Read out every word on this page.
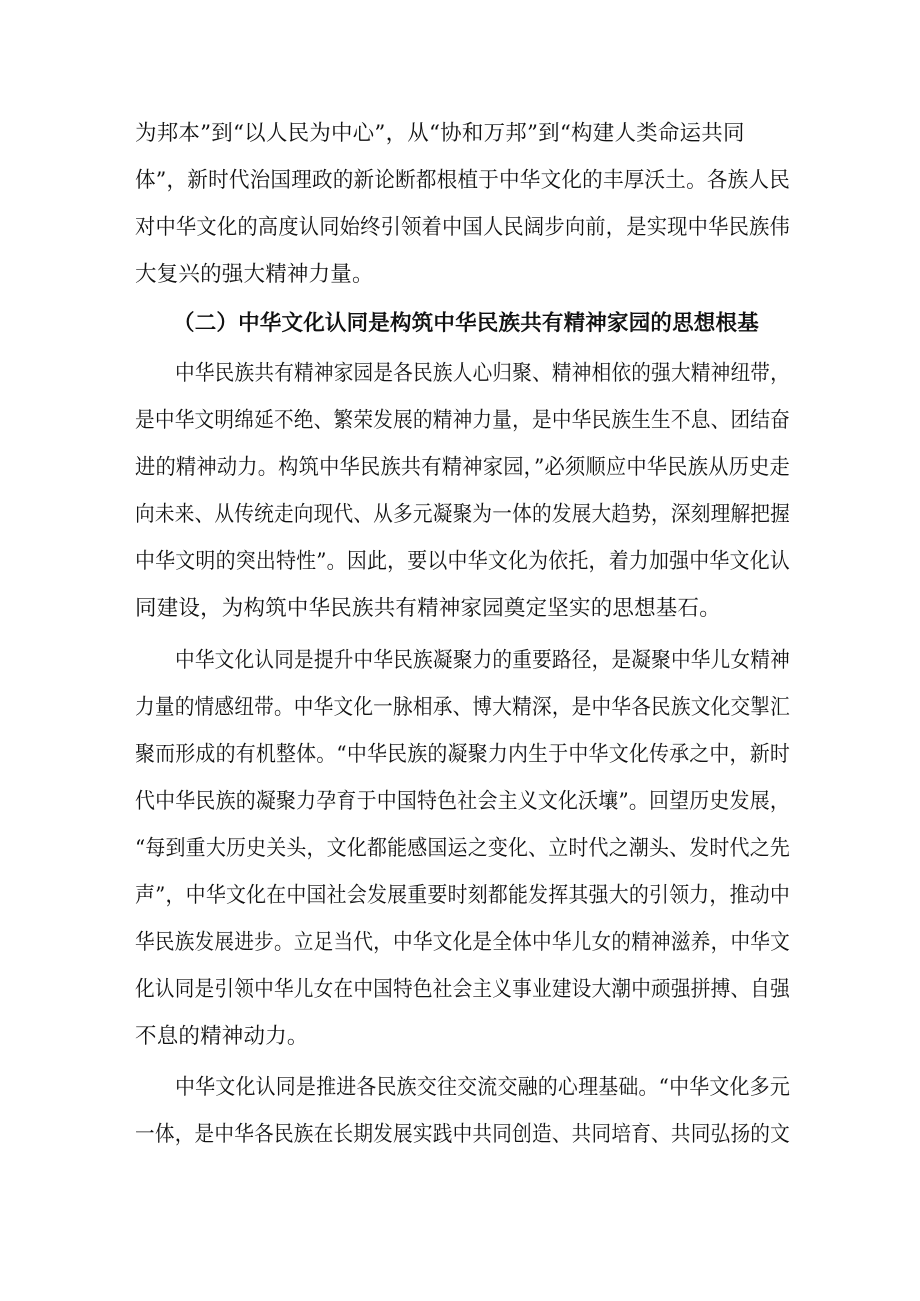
为邦本”到“以人民为中心”，从“协和万邦”到“构建人类命运共同
体”，新时代治国理政的新论断都根植于中华文化的丰厚沃土。各族人民
对中华文化的高度认同始终引领着中国人民阔步向前，是实现中华民族伟
大复兴的强大精神力量。
（二）中华文化认同是构筑中华民族共有精神家园的思想根基
中华民族共有精神家园是各民族人心归聚、精神相依的强大精神纽带，
是中华文明绵延不绝、繁荣发展的精神力量，是中华民族生生不息、团结奋
进的精神动力。构筑中华民族共有精神家园，”必须顺应中华民族从历史走
向未来、从传统走向现代、从多元凝聚为一体的发展大趋势，深刻理解把握
中华文明的突出特性”。因此，要以中华文化为依托，着力加强中华文化认
同建设，为构筑中华民族共有精神家园奠定坚实的思想基石。
中华文化认同是提升中华民族凝聚力的重要路径，是凝聚中华儿女精神
力量的情感纽带。中华文化一脉相承、博大精深，是中华各民族文化交掣汇
聚而形成的有机整体。“中华民族的凝聚力内生于中华文化传承之中，新时
代中华民族的凝聚力孕育于中国特色社会主义文化沃壤”。回望历史发展，
“每到重大历史关头，文化都能感国运之变化、立时代之潮头、发时代之先
声”，中华文化在中国社会发展重要时刻都能发挥其强大的引领力，推动中
华民族发展进步。立足当代，中华文化是全体中华儿女的精神滋养，中华文
化认同是引领中华儿女在中国特色社会主义事业建设大潮中顽强拼搏、自强
不息的精神动力。
中华文化认同是推进各民族交往交流交融的心理基础。“中华文化多元
一体，是中华各民族在长期发展实践中共同创造、共同培育、共同弘扬的文
